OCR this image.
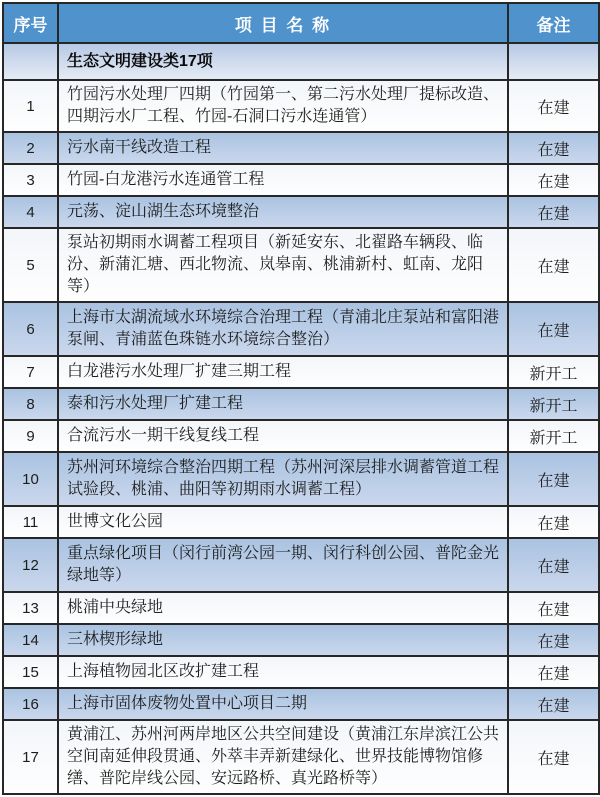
序号	项 目 名 称	备注
	生态文明建设类17项	
1	竹园污水处理厂四期（竹园第一、第二污水处理厂提标改造、四期污水厂工程、竹园-石洞口污水连通管）	在建
2	污水南干线改造工程	在建
3	竹园-白龙港污水连通管工程	在建
4	元荡、淀山湖生态环境整治	在建
5	泵站初期雨水调蓄工程项目（新延安东、北翟路车辆段、临汾、新蒲汇塘、西北物流、岚皋南、桃浦新村、虹南、龙阳等）	在建
6	上海市太湖流域水环境综合治理工程（青浦北庄泵站和富阳港泵闸、青浦蓝色珠链水环境综合整治）	在建
7	白龙港污水处理厂扩建三期工程	新开工
8	泰和污水处理厂扩建工程	新开工
9	合流污水一期干线复线工程	新开工
10	苏州河环境综合整治四期工程（苏州河深层排水调蓄管道工程试验段、桃浦、曲阳等初期雨水调蓄工程）	在建
11	世博文化公园	在建
12	重点绿化项目（闵行前湾公园一期、闵行科创公园、普陀金光绿地等）	在建
13	桃浦中央绿地	在建
14	三林楔形绿地	在建
15	上海植物园北区改扩建工程	在建
16	上海市固体废物处置中心项目二期	在建
17	黄浦江、苏州河两岸地区公共空间建设（黄浦江东岸滨江公共空间南延伸段贯通、外萃丰弄新建绿化、世界技能博物馆修缮、普陀岸线公园、安远路桥、真光路桥等）	在建
